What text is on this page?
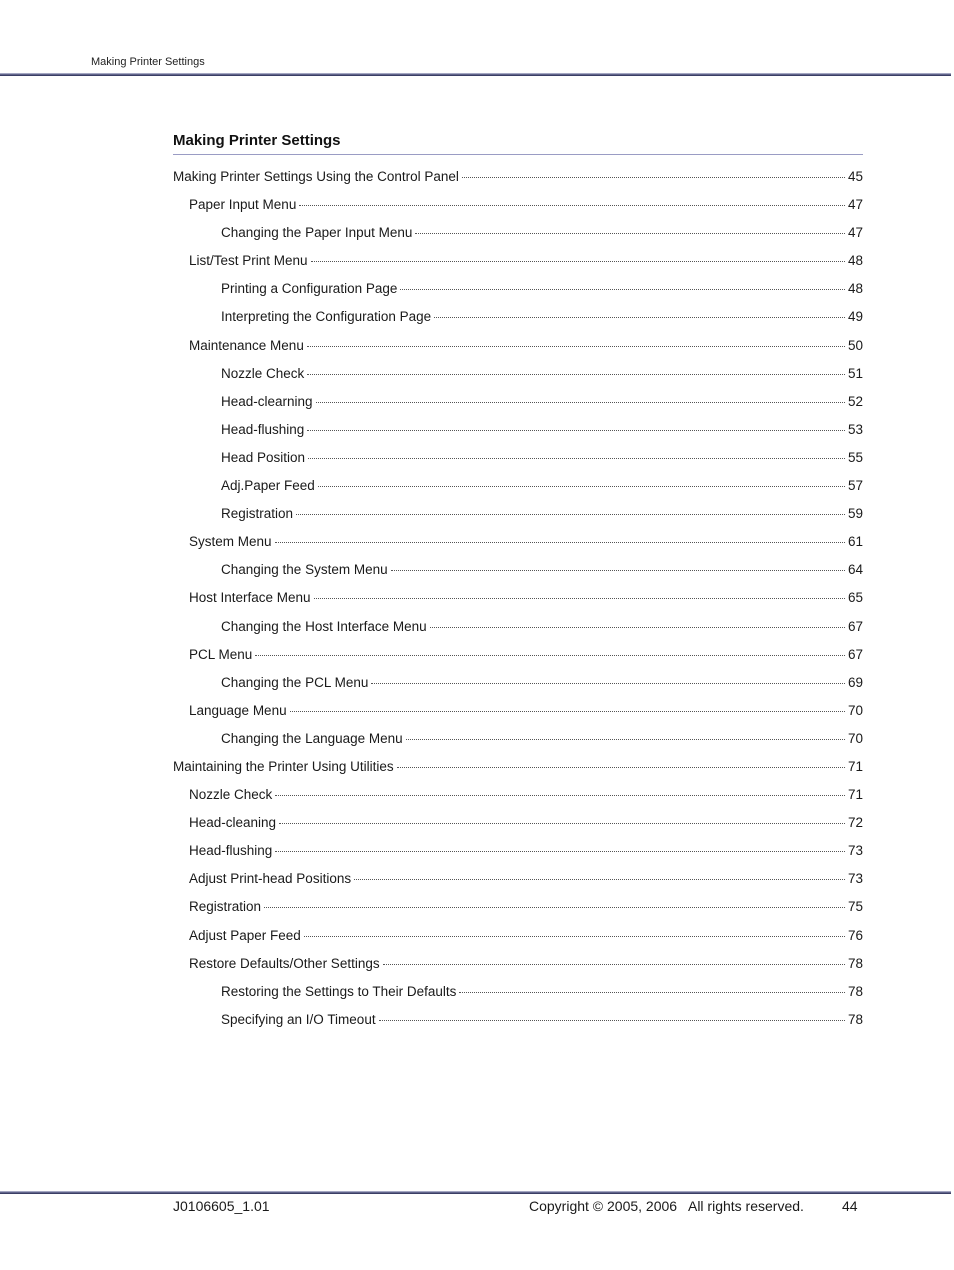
Making Printer Settings
Making Printer Settings
Making Printer Settings Using the Control Panel	45
Paper Input Menu	47
Changing the Paper Input Menu	47
List/Test Print Menu	48
Printing a Configuration Page	48
Interpreting the Configuration Page	49
Maintenance Menu	50
Nozzle Check	51
Head-clearning	52
Head-flushing	53
Head Position	55
Adj.Paper Feed	57
Registration	59
System Menu	61
Changing the System Menu	64
Host Interface Menu	65
Changing the Host Interface Menu	67
PCL Menu	67
Changing the PCL Menu	69
Language Menu	70
Changing the Language Menu	70
Maintaining the Printer Using Utilities	71
Nozzle Check	71
Head-cleaning	72
Head-flushing	73
Adjust Print-head Positions	73
Registration	75
Adjust Paper Feed	76
Restore Defaults/Other Settings	78
Restoring the Settings to Their Defaults	78
Specifying an I/O Timeout	78
J0106605_1.01	Copyright © 2005, 2006   All rights reserved.	44
